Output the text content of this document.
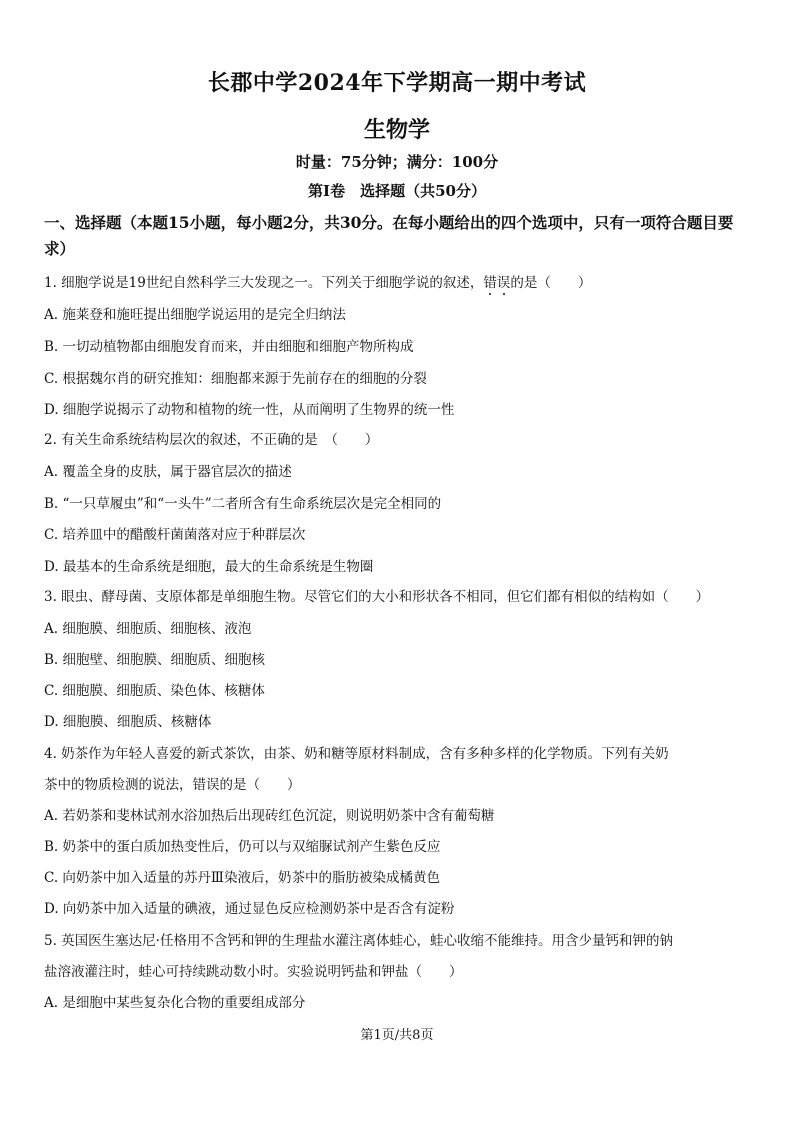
长郡中学2024年下学期高一期中考试
生物学
时量：75分钟；满分：100分
第Ⅰ卷　选择题（共50分）
一、选择题（本题15小题，每小题2分，共30分。在每小题给出的四个选项中，只有一项符合题目要求）
1. 细胞学说是19世纪自然科学三大发现之一。下列关于细胞学说的叙述，错误的是（　　）
A. 施莱登和施旺提出细胞学说运用的是完全归纳法
B. 一切动植物都由细胞发育而来，并由细胞和细胞产物所构成
C. 根据魏尔肖的研究推知：细胞都来源于先前存在的细胞的分裂
D. 细胞学说揭示了动物和植物的统一性，从而阐明了生物界的统一性
2. 有关生命系统结构层次的叙述，不正确的是　（　　）
A. 覆盖全身的皮肤，属于器官层次的描述
B. “一只草履虫”和“一头牛”二者所含有生命系统层次是完全相同的
C. 培养皿中的醋酸杆菌菌落对应于种群层次
D. 最基本的生命系统是细胞，最大的生命系统是生物圈
3. 眼虫、酵母菌、支原体都是单细胞生物。尽管它们的大小和形状各不相同，但它们都有相似的结构如（　　）
A. 细胞膜、细胞质、细胞核、液泡
B. 细胞壁、细胞膜、细胞质、细胞核
C. 细胞膜、细胞质、染色体、核糖体
D. 细胞膜、细胞质、核糖体
4. 奶茶作为年轻人喜爱的新式茶饮，由茶、奶和糖等原材料制成，含有多种多样的化学物质。下列有关奶
茶中的物质检测的说法，错误的是（　　）
A. 若奶茶和斐林试剂水浴加热后出现砖红色沉淀，则说明奶茶中含有葡萄糖
B. 奶茶中的蛋白质加热变性后，仍可以与双缩脲试剂产生紫色反应
C. 向奶茶中加入适量的苏丹Ⅲ染液后，奶茶中的脂肪被染成橘黄色
D. 向奶茶中加入适量的碘液，通过显色反应检测奶茶中是否含有淀粉
5. 英国医生塞达尼·任格用不含钙和钾的生理盐水灌注离体蛙心，蛙心收缩不能维持。用含少量钙和钾的钠
盐溶液灌注时，蛙心可持续跳动数小时。实验说明钙盐和钾盐（　　）
A. 是细胞中某些复杂化合物的重要组成部分
第1页/共8页
